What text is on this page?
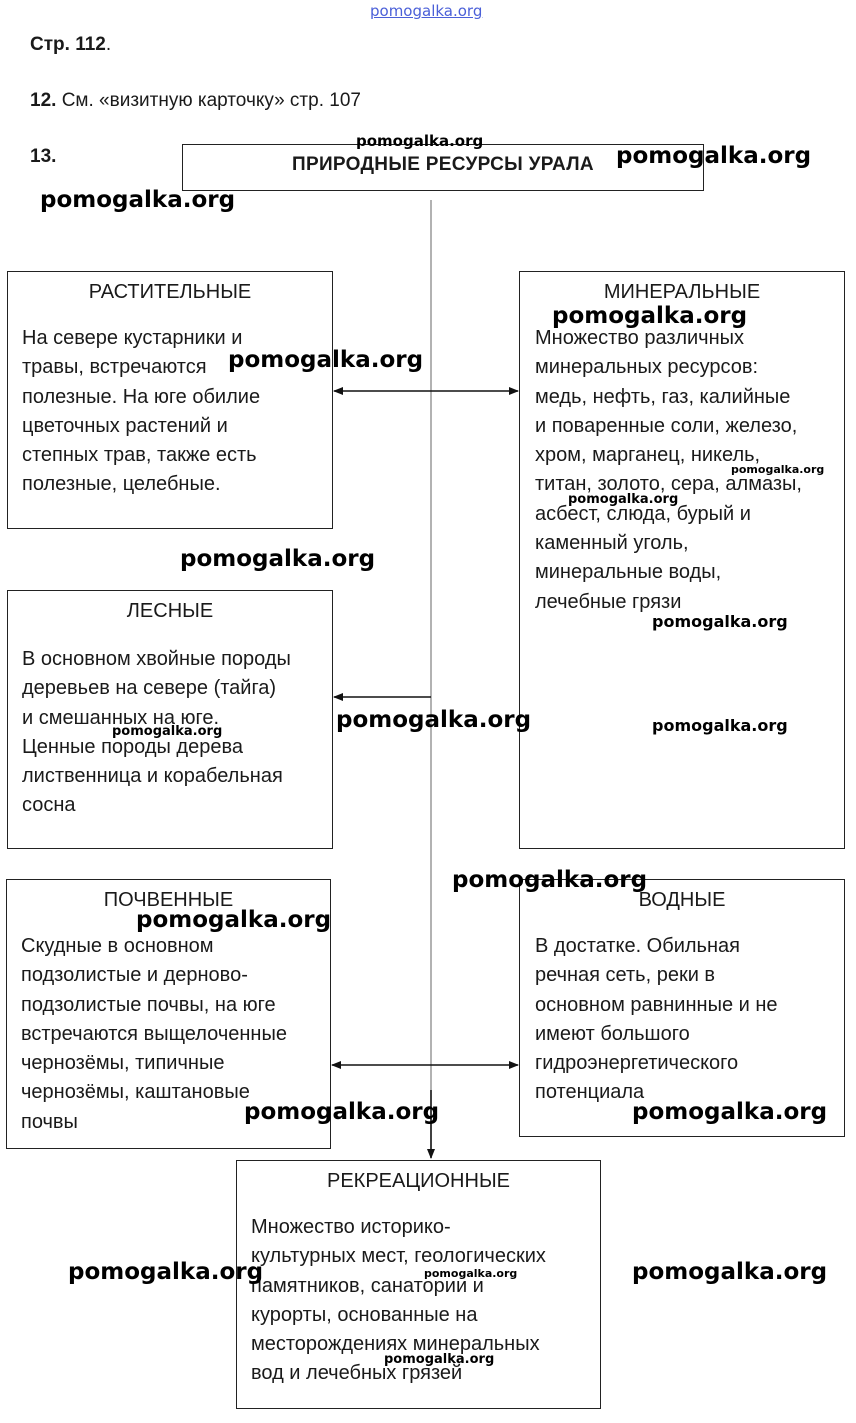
pomogalka.org
Стр. 112.
12. См. «визитную карточку» стр. 107
13.	ПРИРОДНЫЕ РЕСУРСЫ УРАЛА
РАСТИТЕЛЬНЫЕ
На севере кустарники и
травы, встречаются
полезные. На юге обилие
цветочных растений и
степных трав, также есть
полезные, целебные.
МИНЕРАЛЬНЫЕ
Множество различных
минеральных ресурсов:
медь, нефть, газ, калийные
и поваренные соли, железо,
хром, марганец, никель,
титан, золото, сера, алмазы,
асбест, слюда, бурый и
каменный уголь,
минеральные воды,
лечебные грязи
ЛЕСНЫЕ
В основном хвойные породы
деревьев на севере (тайга)
и смешанных на юге.
Ценные породы дерева
лиственница и корабельная
сосна
ПОЧВЕННЫЕ
Скудные в основном
подзолистые и дерново-
подзолистые почвы, на юге
встречаются выщелоченные
чернозёмы, типичные
чернозёмы, каштановые
почвы
ВОДНЫЕ
В достатке. Обильная
речная сеть, реки в
основном равнинные и не
имеют большого
гидроэнергетического
потенциала
РЕКРЕАЦИОННЫЕ
Множество историко-
культурных мест, геологических
памятников, санатории и
курорты, основанные на
месторождениях минеральных
вод и лечебных грязей
pomogalka.org
pomogalka.org
pomogalka.org
pomogalka.org
pomogalka.org
pomogalka.org
pomogalka.org
pomogalka.org
pomogalka.org
pomogalka.org	pomogalka.org
pomogalka.org
pomogalka.org
pomogalka.org
pomogalka.org	pomogalka.org
pomogalka.org	pomogalka.org
pomogalka.org
pomogalka.org
